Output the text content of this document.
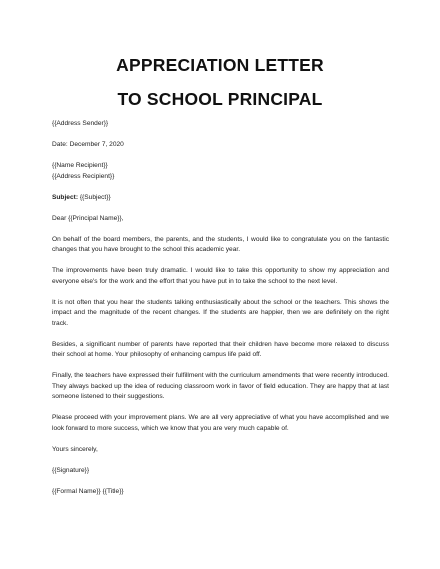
APPRECIATION LETTER
TO SCHOOL PRINCIPAL

{{Address Sender}}

Date: December 7, 2020

{{Name Recipient}}
{{Address Recipient}}

Subject: {{Subject}}

Dear {{Principal Name}},

On behalf of the board members, the parents, and the students, I would like to congratulate you on the fantastic changes that you have brought to the school this academic year.

The improvements have been truly dramatic. I would like to take this opportunity to show my appreciation and everyone else's for the work and the effort that you have put in to take the school to the next level.

It is not often that you hear the students talking enthusiastically about the school or the teachers. This shows the impact and the magnitude of the recent changes. If the students are happier, then we are definitely on the right track.

Besides, a significant number of parents have reported that their children have become more relaxed to discuss their school at home. Your philosophy of enhancing campus life paid off.

Finally, the teachers have expressed their fulfillment with the curriculum amendments that were recently introduced. They always backed up the idea of reducing classroom work in favor of field education. They are happy that at last someone listened to their suggestions.

Please proceed with your improvement plans. We are all very appreciative of what you have accomplished and we look forward to more success, which we know that you are very much capable of.

Yours sincerely,

{{Signature}}

{{Formal Name}} {{Title}}
